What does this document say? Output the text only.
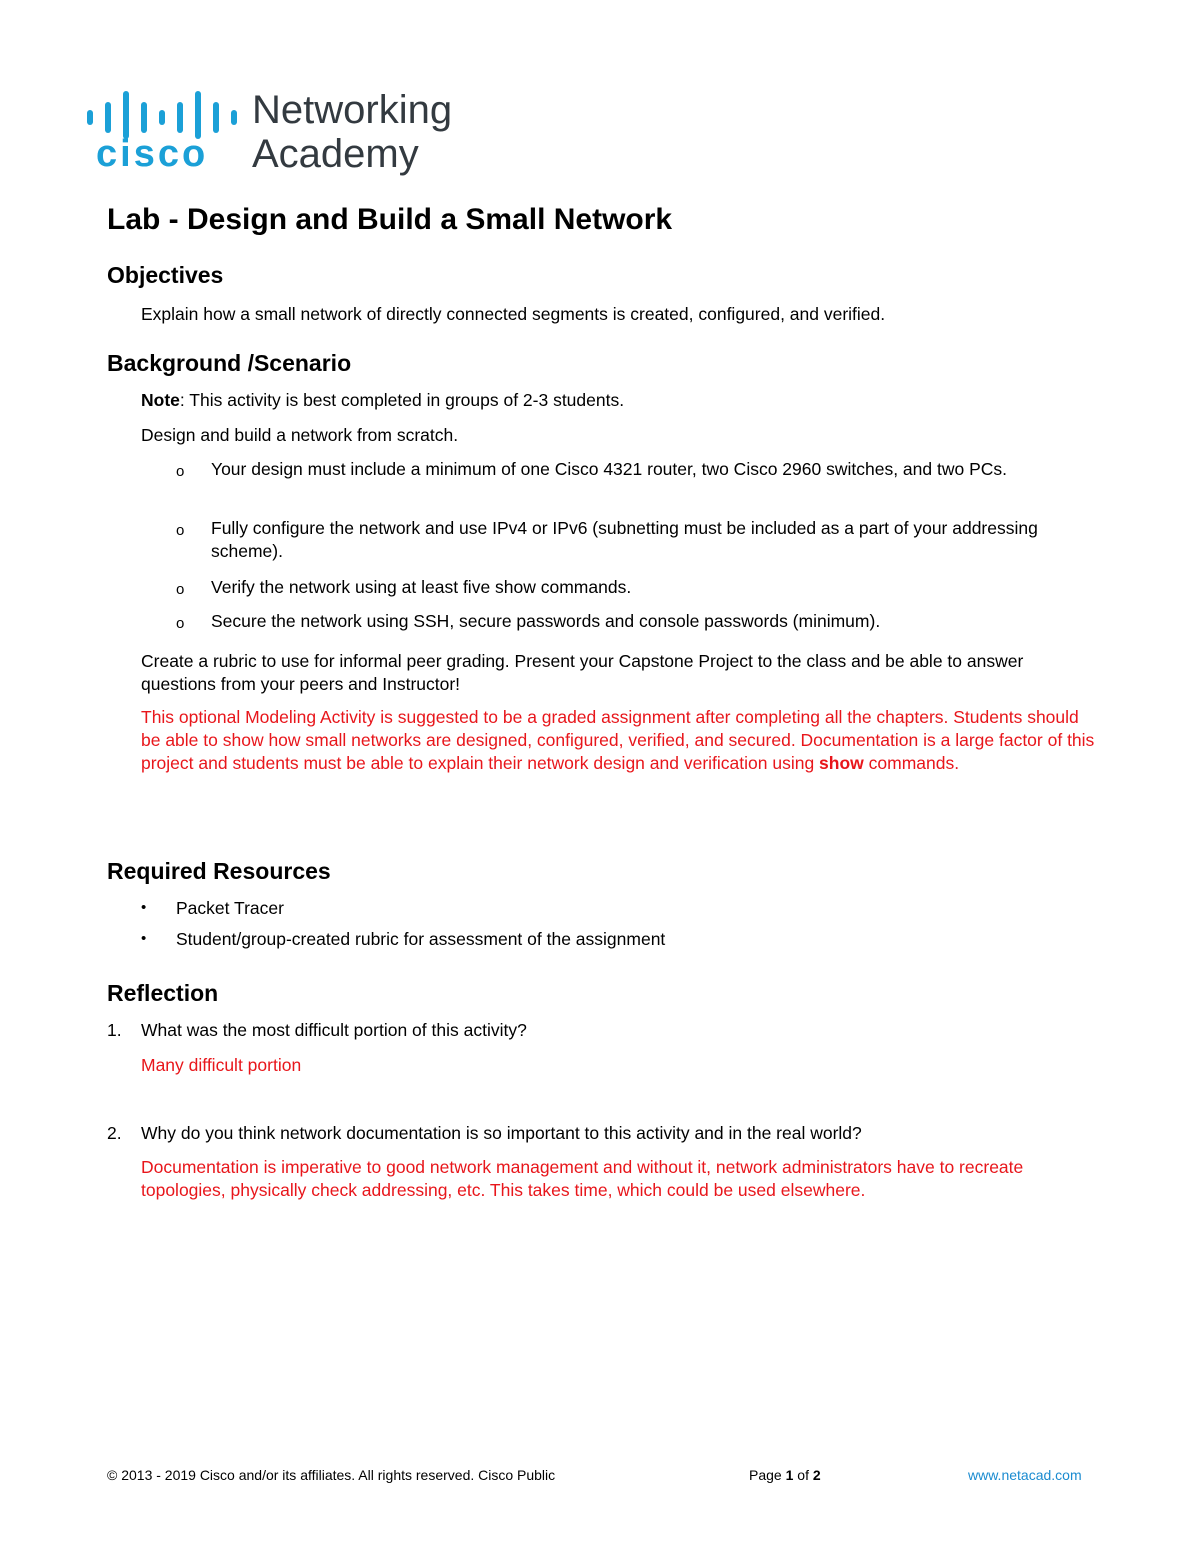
cisco
Networking
Academy
Lab - Design and Build a Small Network
Objectives

Explain how a small network of directly connected segments is created, configured, and verified.

Background /Scenario

Note: This activity is best completed in groups of 2-3 students.

Design and build a network from scratch.

o Your design must include a minimum of one Cisco 4321 router, two Cisco 2960 switches, and two PCs.

o Fully configure the network and use IPv4 or IPv6 (subnetting must be included as a part of your addressing scheme).

o Verify the network using at least five show commands.

o Secure the network using SSH, secure passwords and console passwords (minimum).

Create a rubric to use for informal peer grading. Present your Capstone Project to the class and be able to answer questions from your peers and Instructor!

This optional Modeling Activity is suggested to be a graded assignment after completing all the chapters. Students should be able to show how small networks are designed, configured, verified, and secured. Documentation is a large factor of this project and students must be able to explain their network design and verification using show commands.

Required Resources
• Packet Tracer

• Student/group-created rubric for assessment of the assignment

Reflection
1. What was the most difficult portion of this activity?

Many difficult portion

2. Why do you think network documentation is so important to this activity and in the real world?

Documentation is imperative to good network management and without it, network administrators have to recreate topologies, physically check addressing, etc. This takes time, which could be used elsewhere.

© 2013 - 2019 Cisco and/or its affiliates. All rights reserved. Cisco Public	Page 1 of 2	www.netacad.com
